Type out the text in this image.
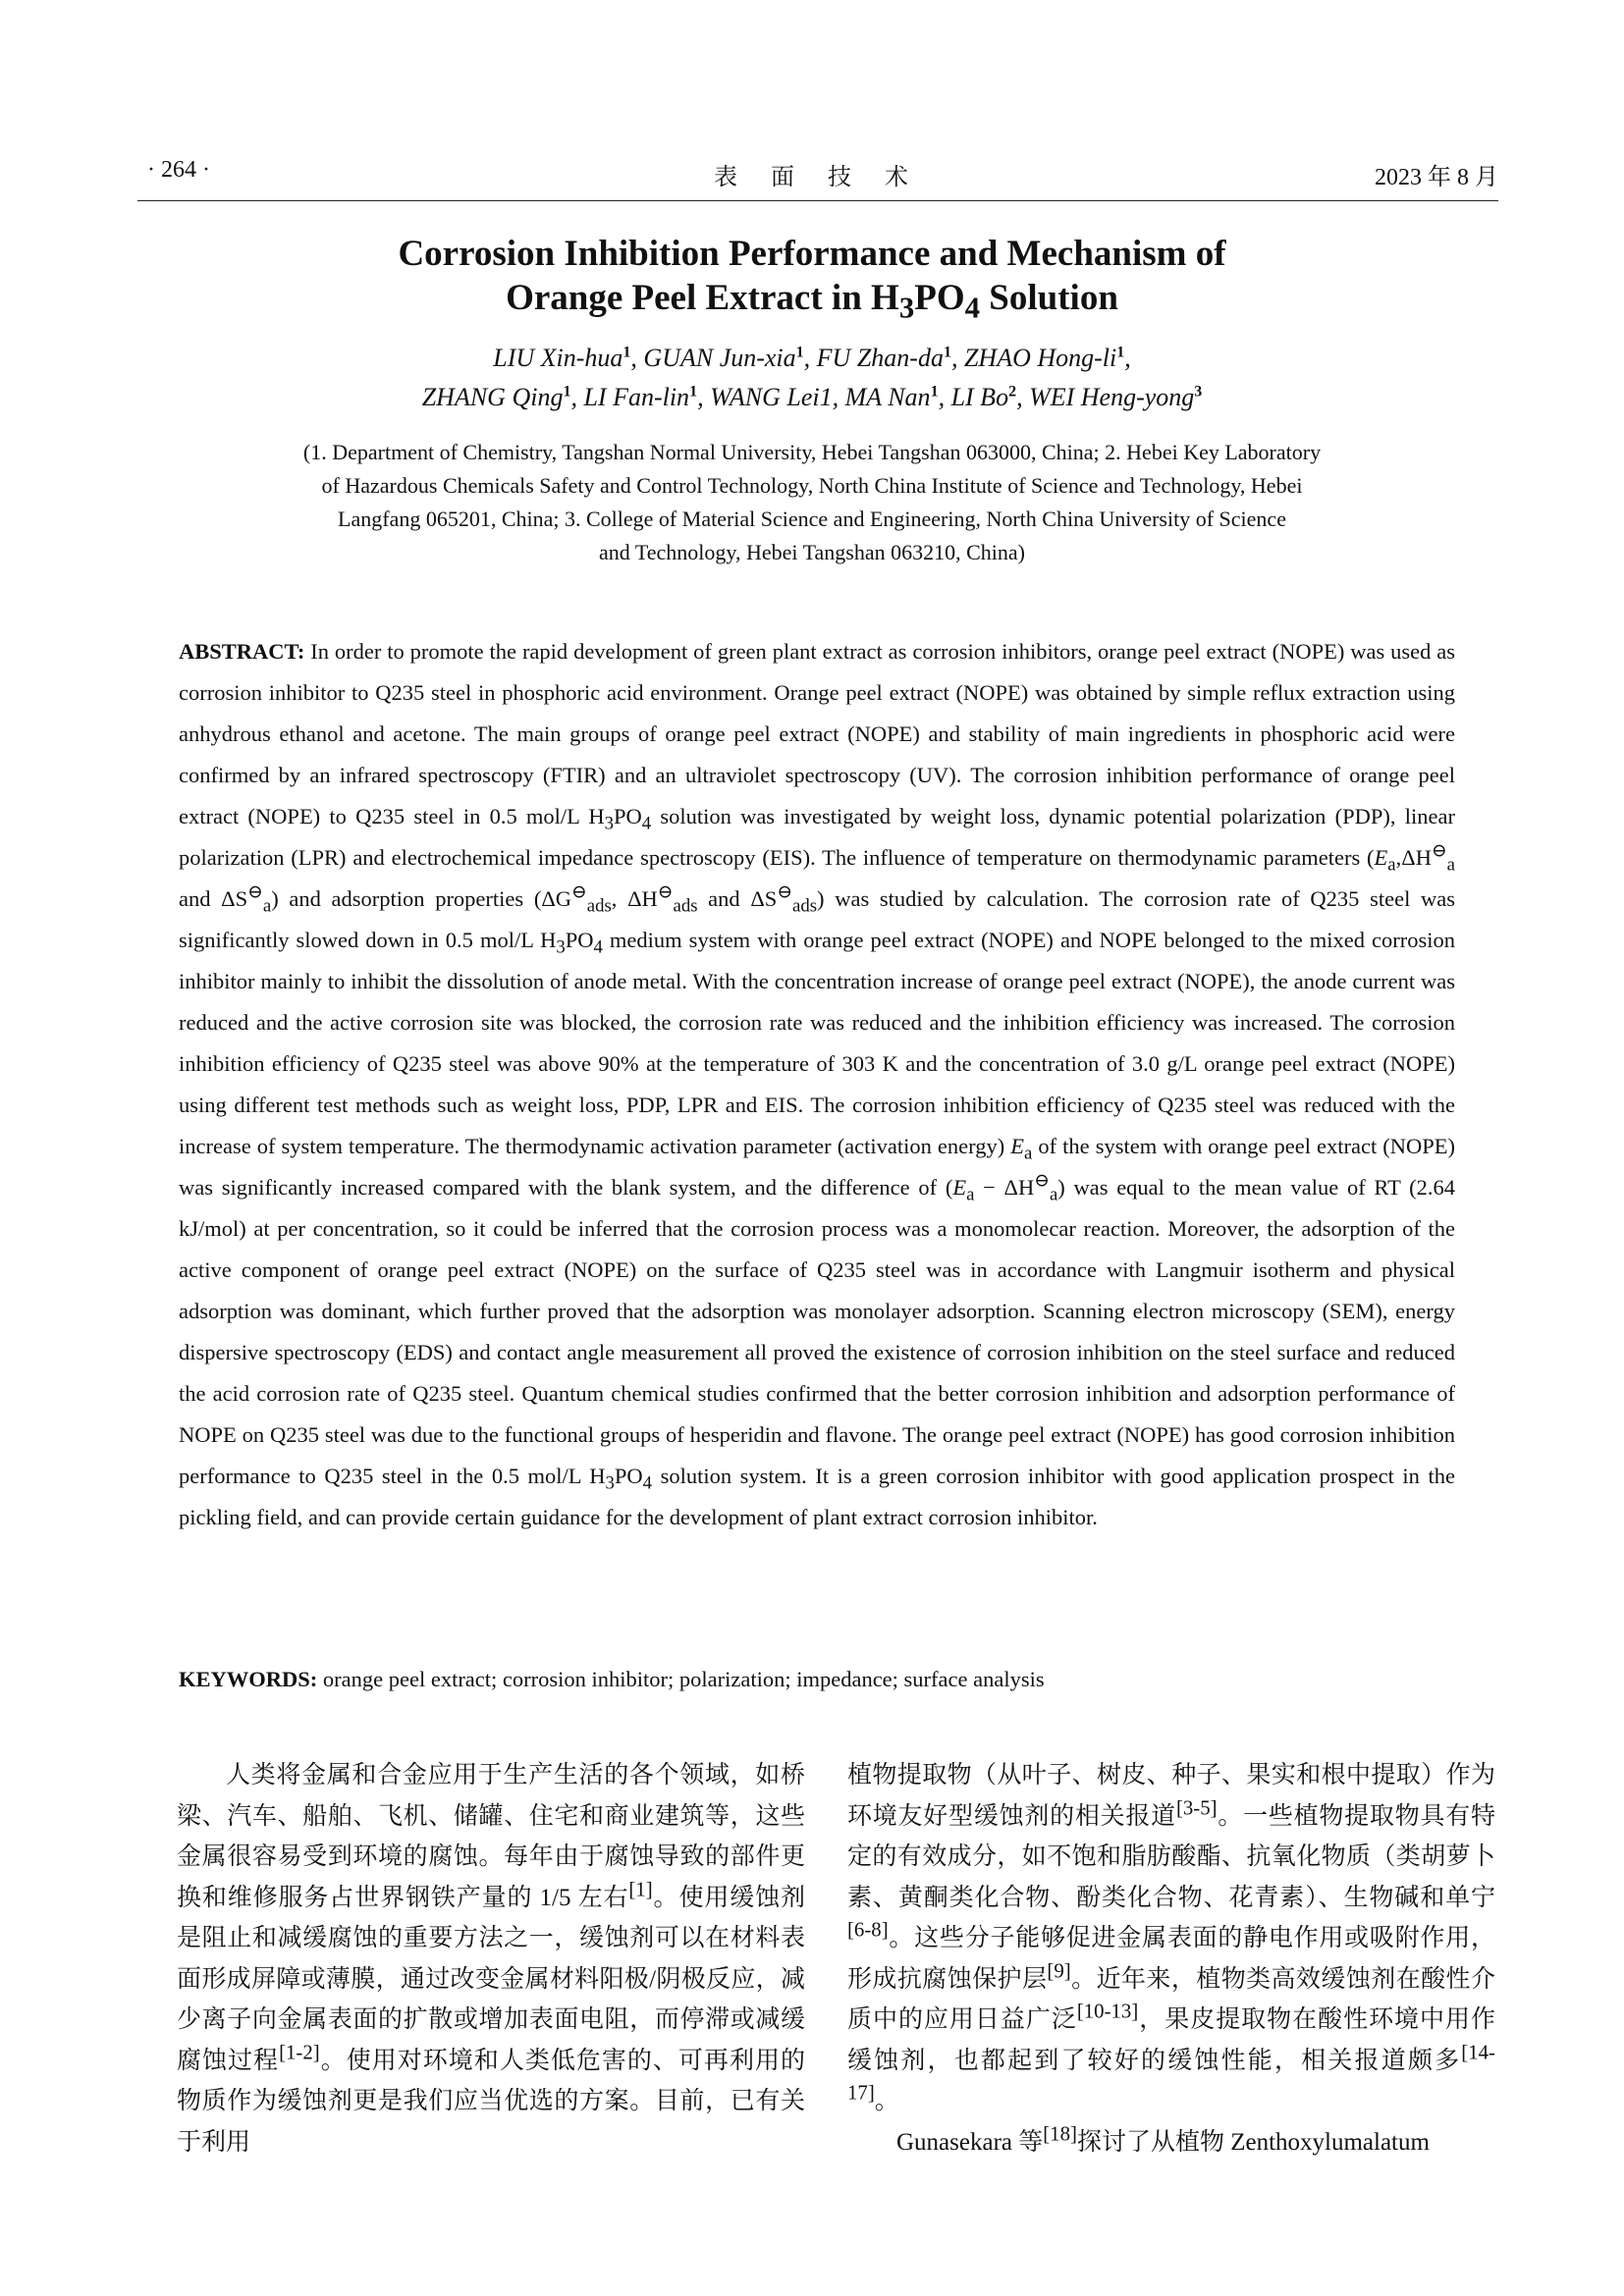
· 264 ·	表 面 技 术	2023 年 8 月
Corrosion Inhibition Performance and Mechanism of
Orange Peel Extract in $H_3PO_4$ Solution
LIU Xin-hua$^1$, GUAN Jun-xia$^1$, FU Zhan-$da^1$, ZHAO Hong-$li^1$,
ZHANG Qing$^1$, LI Fan-lin$^1$, WANG Lei1, MA Nan$^1$, LI Bo$^2$, WEI Heng-yong$^3$
(1. Department of Chemistry, Tangshan Normal University, Hebei Tangshan 063000, China; 2. Hebei Key Laboratory
of Hazardous Chemicals Safety and Control Technology, North China Institute of Science and Technology, Hebei
Langfang 065201, China; 3. College of Material Science and Engineering, North China University of Science
and Technology, Hebei Tangshan 063210, China)
ABSTRACT: In order to promote the rapid development of green plant extract as corrosion inhibitors, orange peel extract (NOPE) was used as corrosion inhibitor to Q235 steel in phosphoric acid environment. Orange peel extract (NOPE) was obtained by simple reflux extraction using anhydrous ethanol and acetone. The main groups of orange peel extract (NOPE) and stability of main ingredients in phosphoric acid were confirmed by an infrared spectroscopy (FTIR) and an ultraviolet spectroscopy (UV). The corrosion inhibition performance of orange peel extract (NOPE) to Q235 steel in 0.5 mol/L $H_3PO_4$ solution was investigated by weight loss, dynamic potential polarization (PDP), linear polarization (LPR) and electrochemical impedance spectroscopy (EIS). The influence of temperature on thermodynamic parameters ($E_a,\Delta H^⊖_a$ and $\Delta S^⊖_a$) and adsorption properties ($\Delta G^⊖_{ads}$, $\Delta H^⊖_{ads}$ and $\Delta S^⊖_{ads}$) was studied by calculation. The corrosion rate of Q235 steel was significantly slowed down in 0.5 mol/L $H_3PO_4$ medium system with orange peel extract (NOPE) and NOPE belonged to the mixed corrosion inhibitor mainly to inhibit the dissolution of anode metal. With the concentration increase of orange peel extract (NOPE), the anode current was reduced and the active corrosion site was blocked, the corrosion rate was reduced and the inhibition efficiency was increased. The corrosion inhibition efficiency of Q235 steel was above 90% at the temperature of 303 K and the concentration of 3.0 g/L orange peel extract (NOPE) using different test methods such as weight loss, PDP, LPR and EIS. The corrosion inhibition efficiency of Q235 steel was reduced with the increase of system temperature. The thermodynamic activation parameter (activation energy) $E_a$ of the system with orange peel extract (NOPE) was significantly increased compared with the blank system, and the difference of $(E_a - \Delta H^⊖_a)$ was equal to the mean value of RT (2.64 kJ/mol) at per concentration, so it could be inferred that the corrosion process was a monomolecar reaction. Moreover, the adsorption of the active component of orange peel extract (NOPE) on the surface of Q235 steel was in accordance with Langmuir isotherm and physical adsorption was dominant, which further proved that the adsorption was monolayer adsorption. Scanning electron microscopy (SEM), energy dispersive spectroscopy (EDS) and contact angle measurement all proved the existence of corrosion inhibition on the steel surface and reduced the acid corrosion rate of Q235 steel. Quantum chemical studies confirmed that the better corrosion inhibition and adsorption performance of NOPE on Q235 steel was due to the functional groups of hesperidin and flavone. The orange peel extract (NOPE) has good corrosion inhibition performance to Q235 steel in the 0.5 mol/L $H_3PO_4$ solution system. It is a green corrosion inhibitor with good application prospect in the pickling field, and can provide certain guidance for the development of plant extract corrosion inhibitor.
KEYWORDS: orange peel extract; corrosion inhibitor; polarization; impedance; surface analysis

人类将金属和合金应用于生产生活的各个领域，如桥梁、汽车、船舶、飞机、储罐、住宅和商业建筑等，这些金属很容易受到环境的腐蚀。每年由于腐蚀导致的部件更换和维修服务占世界钢铁产量的 1/5 左右[1]。使用缓蚀剂是阻止和减缓腐蚀的重要方法之一，缓蚀剂可以在材料表面形成屏障或薄膜，通过改变金属材料阳极/阴极反应，减少离子向金属表面的扩散或增加表面电阻，而停滞或减缓腐蚀过程[1-2]。使用对环境和人类低危害的、可再利用的物质作为缓蚀剂更是我们应当优选的方案。目前，已有关于利用

植物提取物（从叶子、树皮、种子、果实和根中提取）作为环境友好型缓蚀剂的相关报道[3-5]。一些植物提取物具有特定的有效成分，如不饱和脂肪酸酯、抗氧化物质（类胡萝卜素、黄酮类化合物、酚类化合物、花青素）、生物碱和单宁[6-8]。这些分子能够促进金属表面的静电作用或吸附作用，形成抗腐蚀保护层[9]。近年来，植物类高效缓蚀剂在酸性介质中的应用日益广泛[10-13]，果皮提取物在酸性环境中用作缓蚀剂，也都起到了较好的缓蚀性能，相关报道颇多[14-17]。

Gunasekara 等[18]探讨了从植物 Zenthoxylumalatum
